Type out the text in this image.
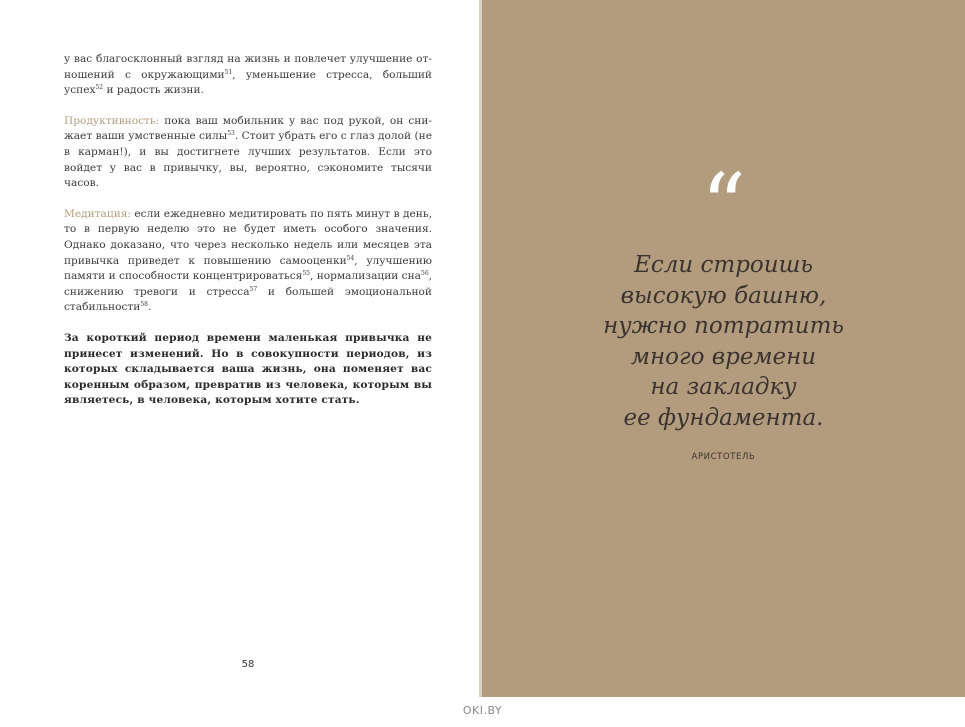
у вас благосклонный взгляд на жизнь и повлечет улучшение отношений с окружающими$^{51}$, уменьшение стресса, больший успех$^{52}$ и радость жизни.

Продуктивность: пока ваш мобильник у вас под рукой, он снижает ваши умственные силы$^{53}$. Стоит убрать его с глаз долой (не в карман!), и вы достигнете лучших результатов. Если это войдет у вас в привычку, вы, вероятно, сэкономите тысячи часов.

Медитация: если ежедневно медитировать по пять минут в день, то в первую неделю это не будет иметь особого значения. Однако доказано, что через несколько недель или месяцев эта привычка приведет к повышению самооценки$^{54}$, улучшению памяти и способности концентрироваться$^{55}$, нормализации сна$^{56}$, снижению тревоги и стресса$^{57}$ и большей эмоциональной стабильности$^{58}$.

За короткий период времени маленькая привычка не принесет изменений. Но в совокупности периодов, из которых складывается ваша жизнь, она поменяет вас коренным образом, превратив из человека, которым вы являетесь, в человека, которым хотите стать.

58
“
Если строишь
высокую башню,
нужно потратить
много времени
на закладку
ее фундамента.
АРИСТОТЕЛЬ
OKI.BY
